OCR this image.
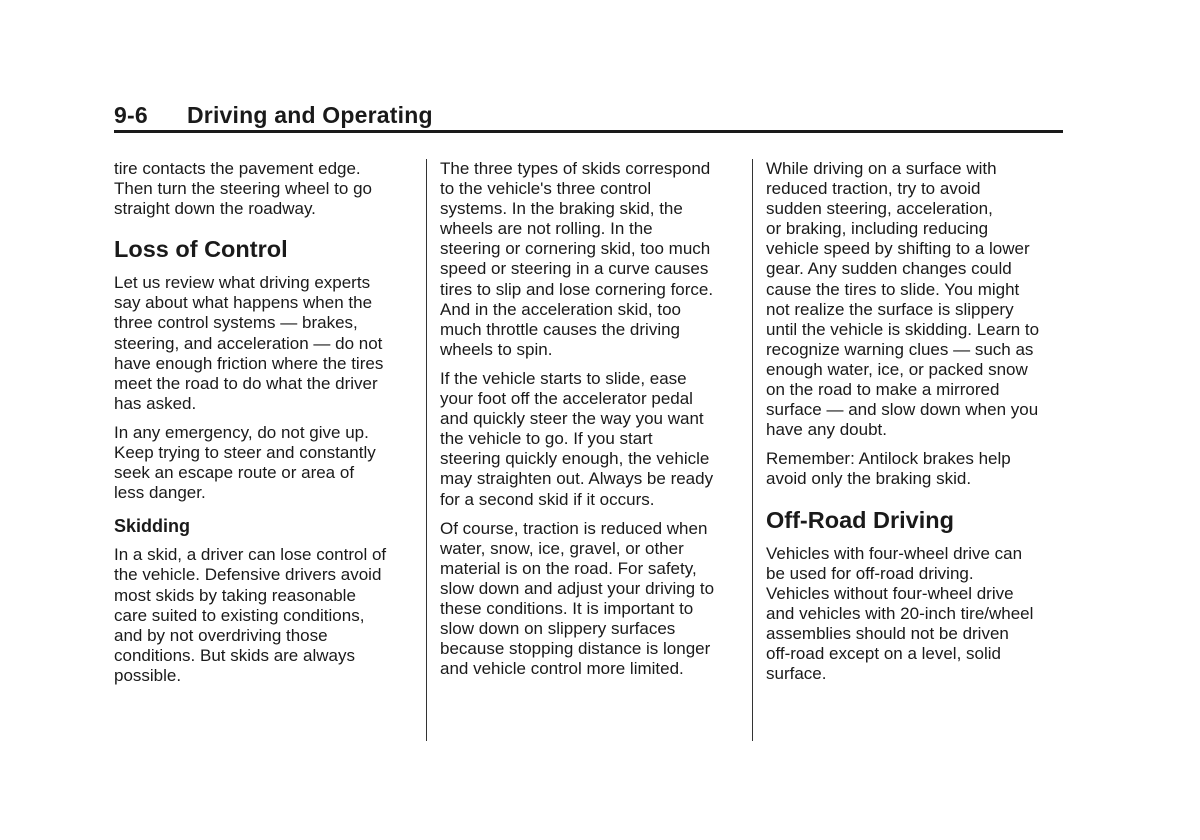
9-6 Driving and Operating

tire contacts the pavement edge.
Then turn the steering wheel to go
straight down the roadway.

Loss of Control

Let us review what driving experts
say about what happens when the
three control systems — brakes,
steering, and acceleration — do not
have enough friction where the tires
meet the road to do what the driver
has asked.

In any emergency, do not give up.
Keep trying to steer and constantly
seek an escape route or area of
less danger.

Skidding

In a skid, a driver can lose control of
the vehicle. Defensive drivers avoid
most skids by taking reasonable
care suited to existing conditions,
and by not overdriving those
conditions. But skids are always
possible.

The three types of skids correspond
to the vehicle's three control
systems. In the braking skid, the
wheels are not rolling. In the
steering or cornering skid, too much
speed or steering in a curve causes
tires to slip and lose cornering force.
And in the acceleration skid, too
much throttle causes the driving
wheels to spin.

If the vehicle starts to slide, ease
your foot off the accelerator pedal
and quickly steer the way you want
the vehicle to go. If you start
steering quickly enough, the vehicle
may straighten out. Always be ready
for a second skid if it occurs.

Of course, traction is reduced when
water, snow, ice, gravel, or other
material is on the road. For safety,
slow down and adjust your driving to
these conditions. It is important to
slow down on slippery surfaces
because stopping distance is longer
and vehicle control more limited.

While driving on a surface with
reduced traction, try to avoid
sudden steering, acceleration,
or braking, including reducing
vehicle speed by shifting to a lower
gear. Any sudden changes could
cause the tires to slide. You might
not realize the surface is slippery
until the vehicle is skidding. Learn to
recognize warning clues — such as
enough water, ice, or packed snow
on the road to make a mirrored
surface — and slow down when you
have any doubt.

Remember: Antilock brakes help
avoid only the braking skid.

Off-Road Driving

Vehicles with four-wheel drive can
be used for off-road driving.
Vehicles without four-wheel drive
and vehicles with 20-inch tire/wheel
assemblies should not be driven
off-road except on a level, solid
surface.
